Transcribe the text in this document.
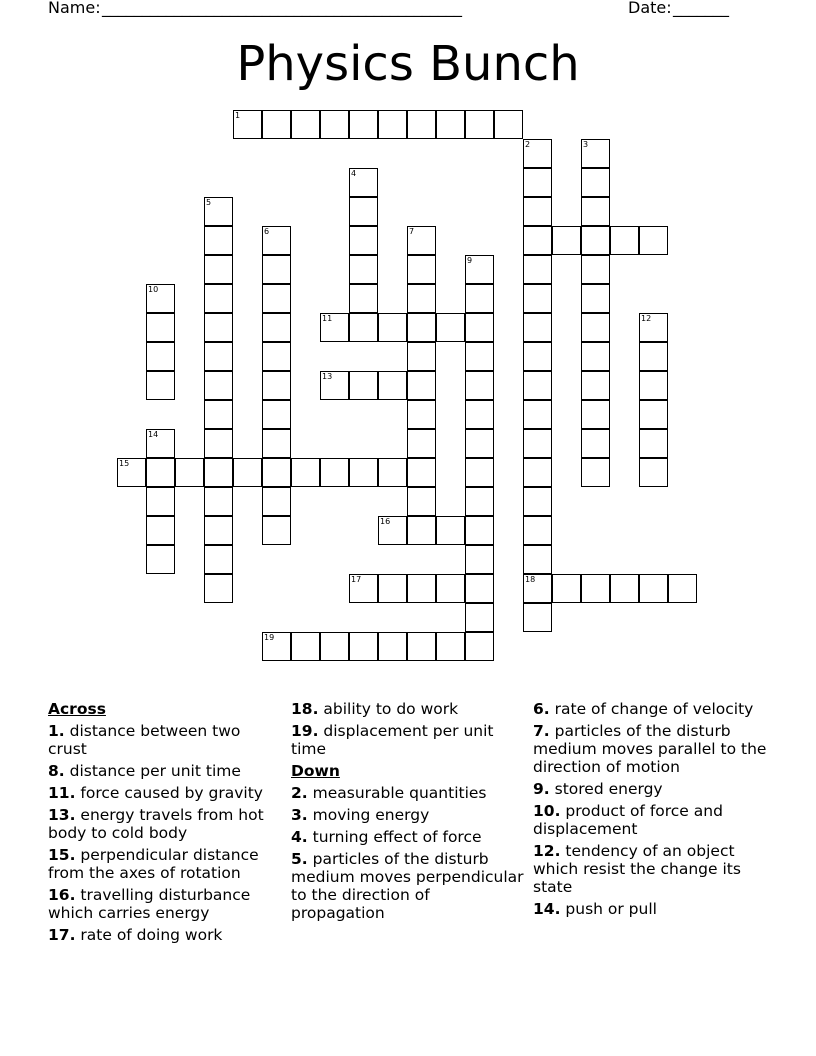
Name: _____________________________________________	Date: _______
Physics Bunch
1
2	3
4
5
18
6	7
9
10
11	12
13
14
15
16
17
19
Across
1. distance between two crust
8. distance per unit time
11. force caused by gravity
13. energy travels from hot body to cold body
15. perpendicular distance from the axes of rotation
16. travelling disturbance which carries energy
17. rate of doing work
18. ability to do work
19. displacement per unit time
Down
2. measurable quantities
3. moving energy
4. turning effect of force
5. particles of the disturb medium moves perpendicular to the direction of propagation
6. rate of change of velocity
7. particles of the disturb medium moves parallel to the direction of motion
9. stored energy
10. product of force and displacement
12. tendency of an object which resist the change its state
14. push or pull
